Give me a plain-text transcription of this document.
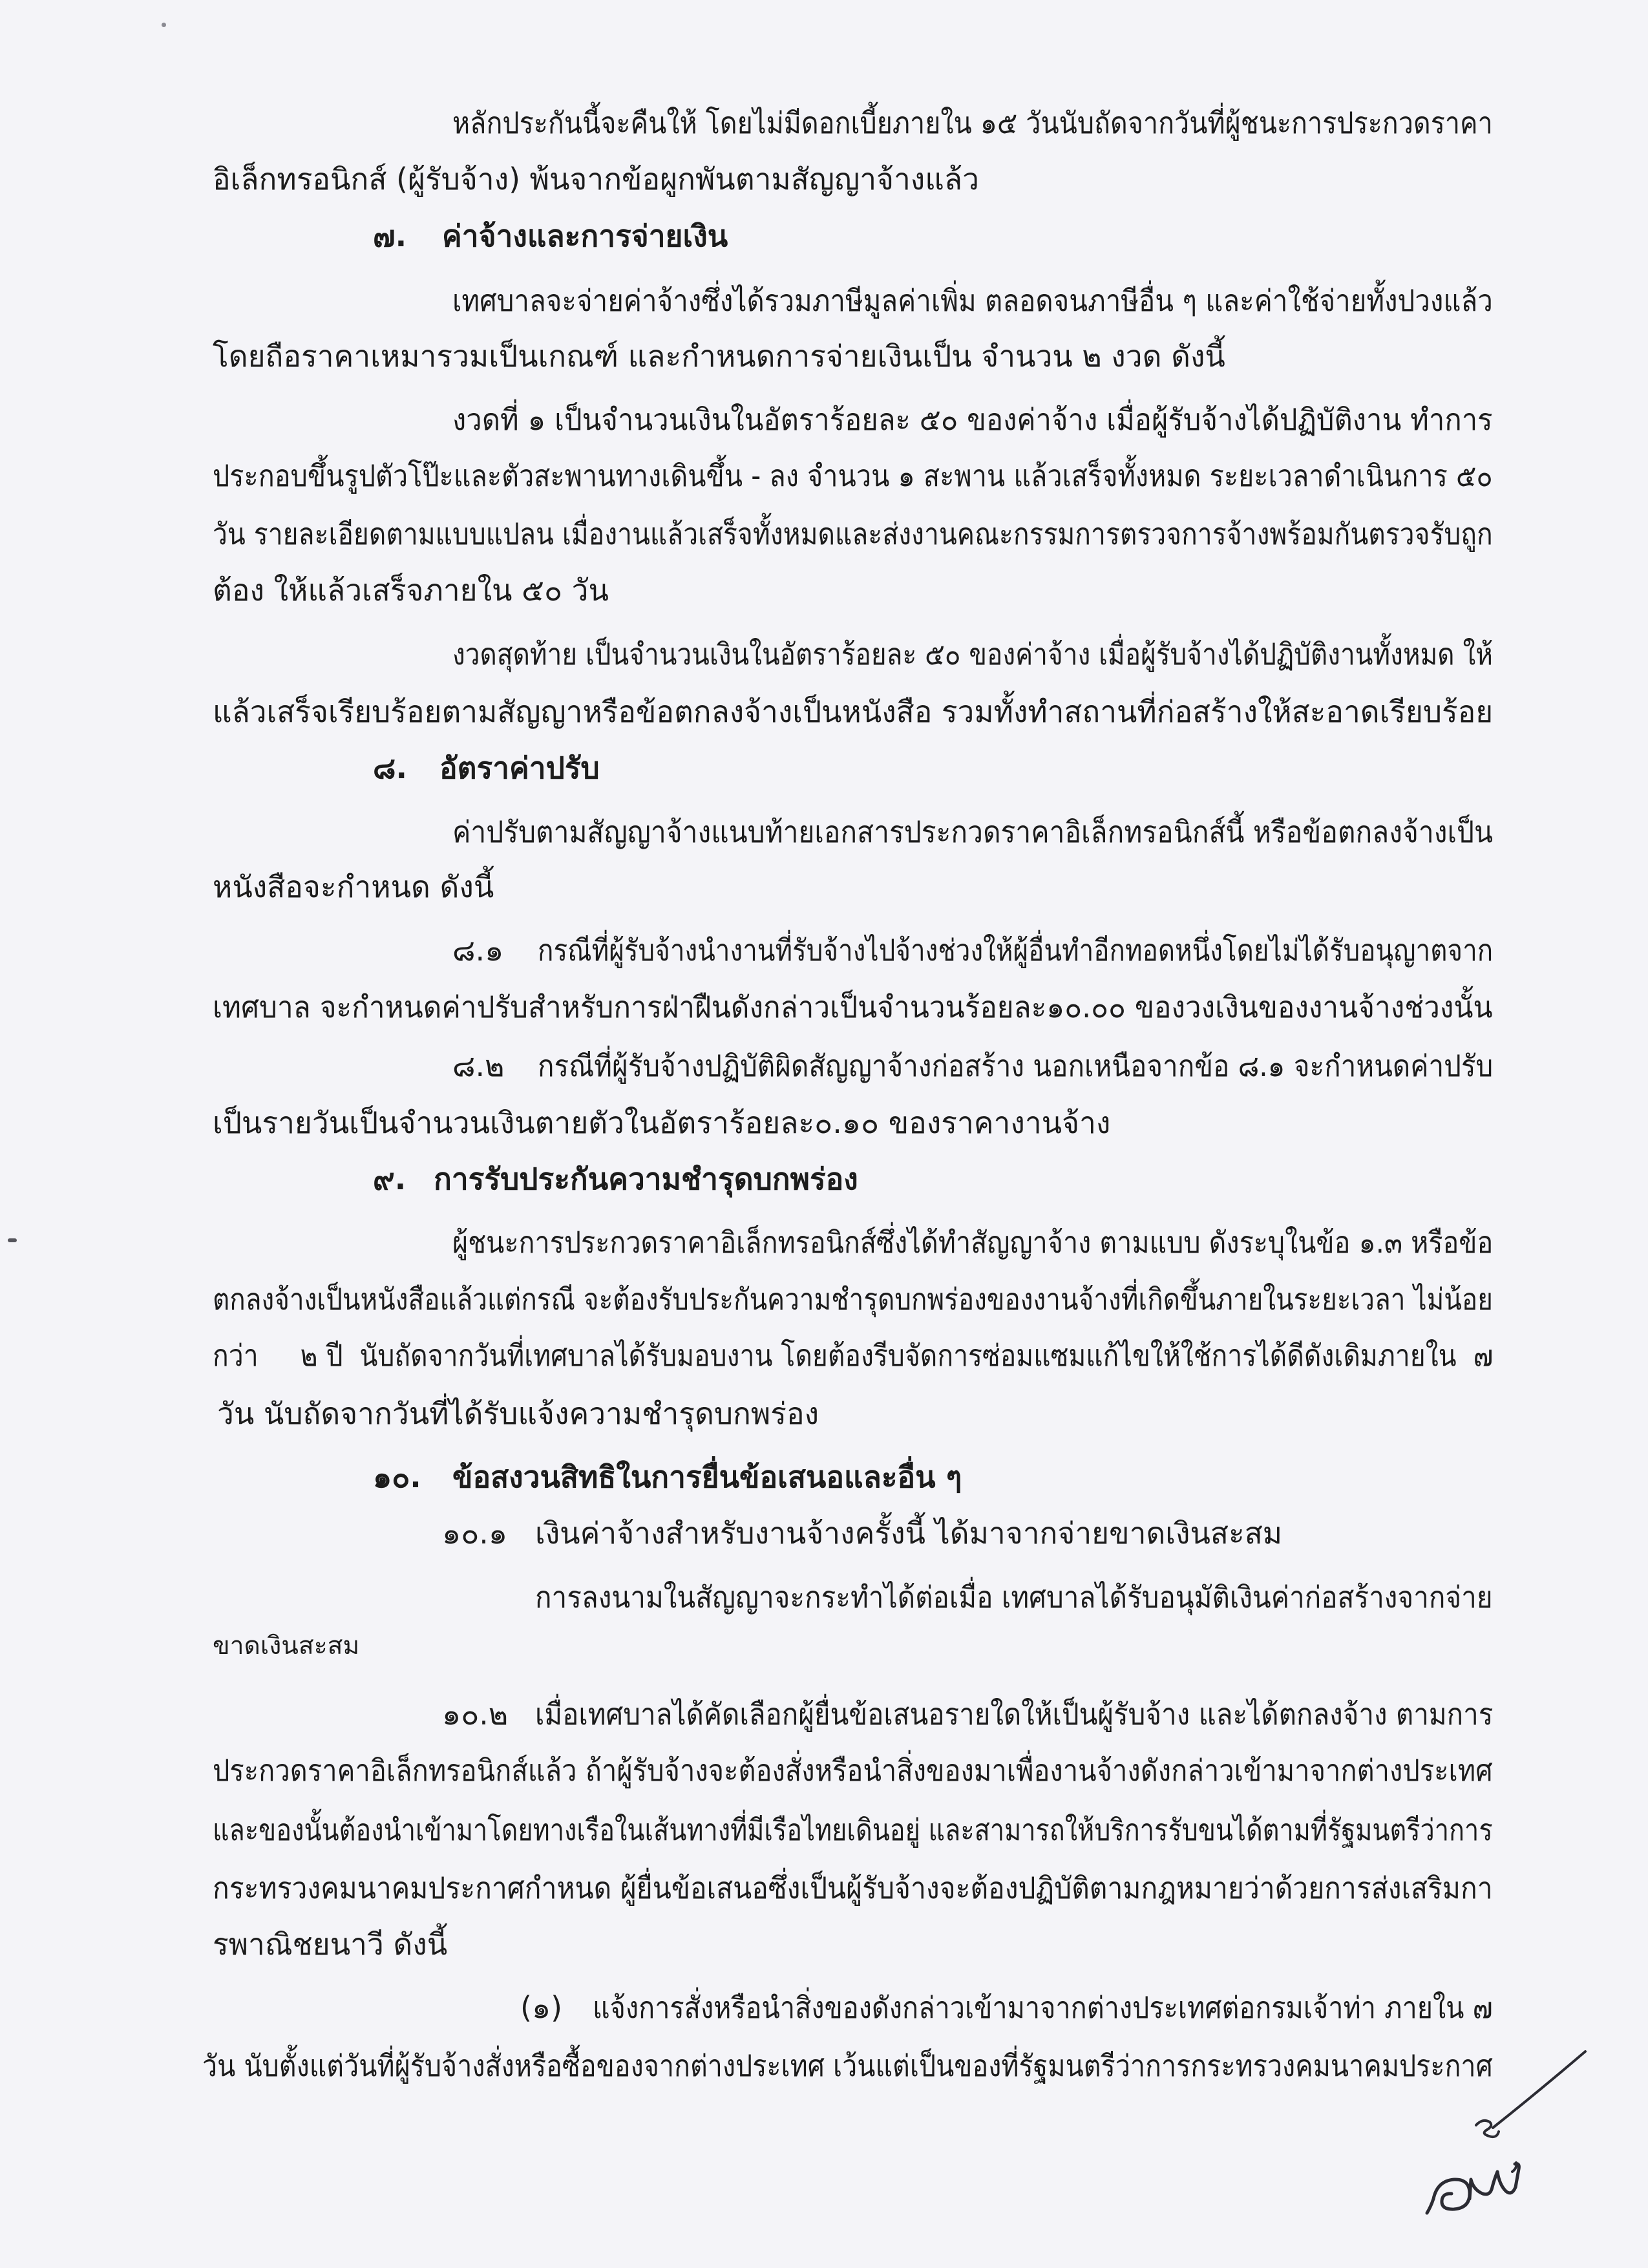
หลักประกันนี้จะคืนให้ โดยไม่มีดอกเบี้ยภายใน ๑๕ วันนับถัดจากวันที่ผู้ชนะการประกวดราคา
อิเล็กทรอนิกส์ (ผู้รับจ้าง) พ้นจากข้อผูกพันตามสัญญาจ้างแล้ว
๗. ค่าจ้างและการจ่ายเงิน
เทศบาลจะจ่ายค่าจ้างซึ่งได้รวมภาษีมูลค่าเพิ่ม ตลอดจนภาษีอื่น ๆ และค่าใช้จ่ายทั้งปวงแล้ว
โดยถือราคาเหมารวมเป็นเกณฑ์ และกำหนดการจ่ายเงินเป็น จำนวน ๒ งวด ดังนี้
งวดที่ ๑ เป็นจำนวนเงินในอัตราร้อยละ ๕๐ ของค่าจ้าง เมื่อผู้รับจ้างได้ปฏิบัติงาน ทำการ
ประกอบขึ้นรูปตัวโป๊ะและตัวสะพานทางเดินขึ้น - ลง จำนวน ๑ สะพาน แล้วเสร็จทั้งหมด ระยะเวลาดำเนินการ ๕๐
วัน รายละเอียดตามแบบแปลน เมื่องานแล้วเสร็จทั้งหมดและส่งงานคณะกรรมการตรวจการจ้างพร้อมกันตรวจรับถูก
ต้อง ให้แล้วเสร็จภายใน ๕๐ วัน
งวดสุดท้าย เป็นจำนวนเงินในอัตราร้อยละ ๕๐ ของค่าจ้าง เมื่อผู้รับจ้างได้ปฏิบัติงานทั้งหมด ให้
แล้วเสร็จเรียบร้อยตามสัญญาหรือข้อตกลงจ้างเป็นหนังสือ รวมทั้งทำสถานที่ก่อสร้างให้สะอาดเรียบร้อย
๘. อัตราค่าปรับ
ค่าปรับตามสัญญาจ้างแนบท้ายเอกสารประกวดราคาอิเล็กทรอนิกส์นี้ หรือข้อตกลงจ้างเป็น
หนังสือจะกำหนด ดังนี้
๘.๑ กรณีที่ผู้รับจ้างนำงานที่รับจ้างไปจ้างช่วงให้ผู้อื่นทำอีกทอดหนึ่งโดยไม่ได้รับอนุญาตจาก
เทศบาล จะกำหนดค่าปรับสำหรับการฝ่าฝืนดังกล่าวเป็นจำนวนร้อยละ๑๐.๐๐ ของวงเงินของงานจ้างช่วงนั้น
๘.๒ กรณีที่ผู้รับจ้างปฏิบัติผิดสัญญาจ้างก่อสร้าง นอกเหนือจากข้อ ๘.๑ จะกำหนดค่าปรับ
เป็นรายวันเป็นจำนวนเงินตายตัวในอัตราร้อยละ๐.๑๐ ของราคางานจ้าง
๙. การรับประกันความชำรุดบกพร่อง
ผู้ชนะการประกวดราคาอิเล็กทรอนิกส์ซึ่งได้ทำสัญญาจ้าง ตามแบบ ดังระบุในข้อ ๑.๓ หรือข้อ
ตกลงจ้างเป็นหนังสือแล้วแต่กรณี จะต้องรับประกันความชำรุดบกพร่องของงานจ้างที่เกิดขึ้นภายในระยะเวลา ไม่น้อย
กว่า     ๒ ปี  นับถัดจากวันที่เทศบาลได้รับมอบงาน โดยต้องรีบจัดการซ่อมแซมแก้ไขให้ใช้การได้ดีดังเดิมภายใน  ๗
วัน นับถัดจากวันที่ได้รับแจ้งความชำรุดบกพร่อง
๑๐. ข้อสงวนสิทธิในการยื่นข้อเสนอและอื่น ๆ
๑๐.๑ เงินค่าจ้างสำหรับงานจ้างครั้งนี้ ได้มาจากจ่ายขาดเงินสะสม
การลงนามในสัญญาจะกระทำได้ต่อเมื่อ เทศบาลได้รับอนุมัติเงินค่าก่อสร้างจากจ่าย
ขาดเงินสะสม
๑๐.๒ เมื่อเทศบาลได้คัดเลือกผู้ยื่นข้อเสนอรายใดให้เป็นผู้รับจ้าง และได้ตกลงจ้าง ตามการ
ประกวดราคาอิเล็กทรอนิกส์แล้ว ถ้าผู้รับจ้างจะต้องสั่งหรือนำสิ่งของมาเพื่องานจ้างดังกล่าวเข้ามาจากต่างประเทศ
และของนั้นต้องนำเข้ามาโดยทางเรือในเส้นทางที่มีเรือไทยเดินอยู่ และสามารถให้บริการรับขนได้ตามที่รัฐมนตรีว่าการ
กระทรวงคมนาคมประกาศกำหนด ผู้ยื่นข้อเสนอซึ่งเป็นผู้รับจ้างจะต้องปฏิบัติตามกฎหมายว่าด้วยการส่งเสริมกา
รพาณิชยนาวี ดังนี้
(๑) แจ้งการสั่งหรือนำสิ่งของดังกล่าวเข้ามาจากต่างประเทศต่อกรมเจ้าท่า ภายใน ๗
วัน นับตั้งแต่วันที่ผู้รับจ้างสั่งหรือซื้อของจากต่างประเทศ เว้นแต่เป็นของที่รัฐมนตรีว่าการกระทรวงคมนาคมประกาศ
